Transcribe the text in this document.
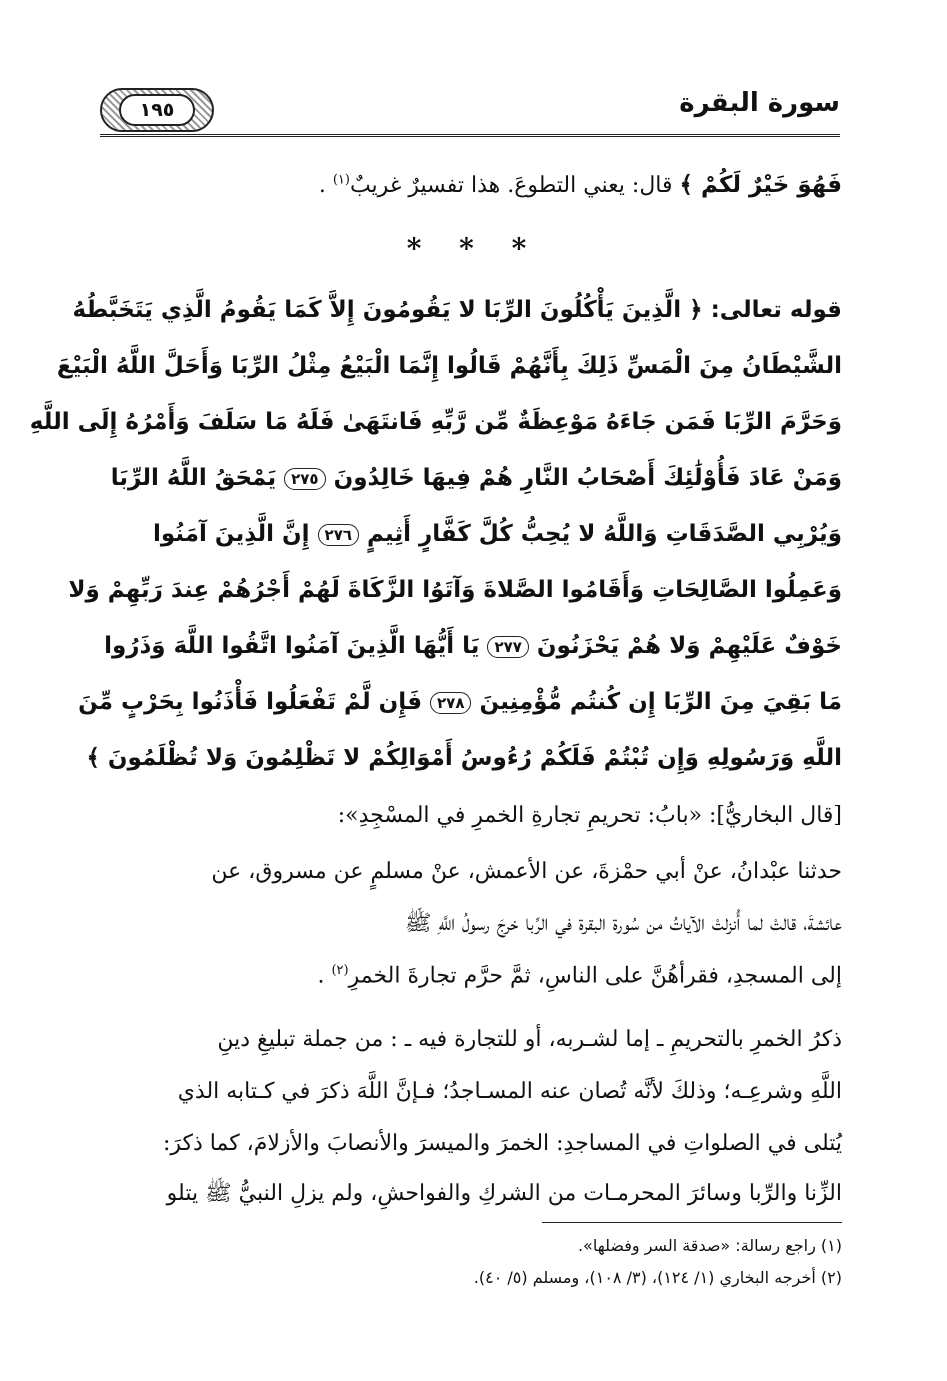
سورة البقرة
١٩٥
فَهُوَ خَيْرٌ لَكُمْ ﴾ قال: يعني التطوعَ. هذا تفسيرٌ غريبٌ$^{(١)}$ .
* * *
قوله تعالى: ﴿ الَّذِينَ يَأْكُلُونَ الرِّبَا لا يَقُومُونَ إِلاَّ كَمَا يَقُومُ الَّذِي يَتَخَبَّطُهُ
الشَّيْطَانُ مِنَ الْمَسِّ ذَلِكَ بِأَنَّهُمْ قَالُوا إِنَّمَا الْبَيْعُ مِثْلُ الرِّبَا وَأَحَلَّ اللَّهُ الْبَيْعَ
وَحَرَّمَ الرِّبَا فَمَن جَاءَهُ مَوْعِظَةٌ مِّن رَّبِّهِ فَانتَهَىٰ فَلَهُ مَا سَلَفَ وَأَمْرُهُ إِلَى اللَّهِ
وَمَنْ عَادَ فَأُوْلَٰئِكَ أَصْحَابُ النَّارِ هُمْ فِيهَا خَالِدُونَ ٢٧٥ يَمْحَقُ اللَّهُ الرِّبَا
وَيُرْبِي الصَّدَقَاتِ وَاللَّهُ لا يُحِبُّ كُلَّ كَفَّارٍ أَثِيمٍ ٢٧٦ إِنَّ الَّذِينَ آمَنُوا
وَعَمِلُوا الصَّالِحَاتِ وَأَقَامُوا الصَّلاةَ وَآتَوُا الزَّكَاةَ لَهُمْ أَجْرُهُمْ عِندَ رَبِّهِمْ وَلا
خَوْفٌ عَلَيْهِمْ وَلا هُمْ يَحْزَنُونَ ٢٧٧ يَا أَيُّهَا الَّذِينَ آمَنُوا اتَّقُوا اللَّهَ وَذَرُوا
مَا بَقِيَ مِنَ الرِّبَا إِن كُنتُم مُّؤْمِنِينَ ٢٧٨ فَإِن لَّمْ تَفْعَلُوا فَأْذَنُوا بِحَرْبٍ مِّنَ
اللَّهِ وَرَسُولِهِ وَإِن تُبْتُمْ فَلَكُمْ رُءُوسُ أَمْوَالِكُمْ لا تَظْلِمُونَ وَلا تُظْلَمُونَ ﴾
[قال البخاريُّ]: «بابُ: تحريمِ تجارةِ الخمرِ في المسْجِدِ»:
حدثنا عبْدانُ، عنْ أبي حمْزةَ، عن الأعمش، عنْ مسلمٍ عن مسروق، عن
عائشةَ، قالتْ لما أُنزلتْ الآياتُ من سُورة البقرة في الرِّبا خرجَ رسولُ اللَّهِ ﷺ
إلى المسجدِ، فقرأهُنَّ على الناسِ، ثمَّ حرَّم تجارةَ الخمرِ$^{(٢)}$ .
ذكرُ الخمرِ بالتحريمِ ـ إما لشـربه، أو للتجارة فيه ـ : من جملة تبليغِ دينِ
اللَّهِ وشرعِـه؛ وذلكَ لأنَّه تُصان عنه المسـاجدُ؛ فـإنَّ اللَّهَ ذكرَ في كـتابه الذي
يُتلى في الصلواتِ في المساجدِ: الخمرَ والميسرَ والأنصابَ والأزلامَ، كما ذكرَ:
الزِّنا والرِّبا وسائرَ المحرمـات من الشركِ والفواحشِ، ولم يزلِ النبيُّ ﷺ يتلو
(١) راجع رسالة: «صدقة السر وفضلها».
(٢) أخرجه البخاري (١/ ١٢٤)، (٣/ ١٠٨)، ومسلم (٥/ ٤٠).
